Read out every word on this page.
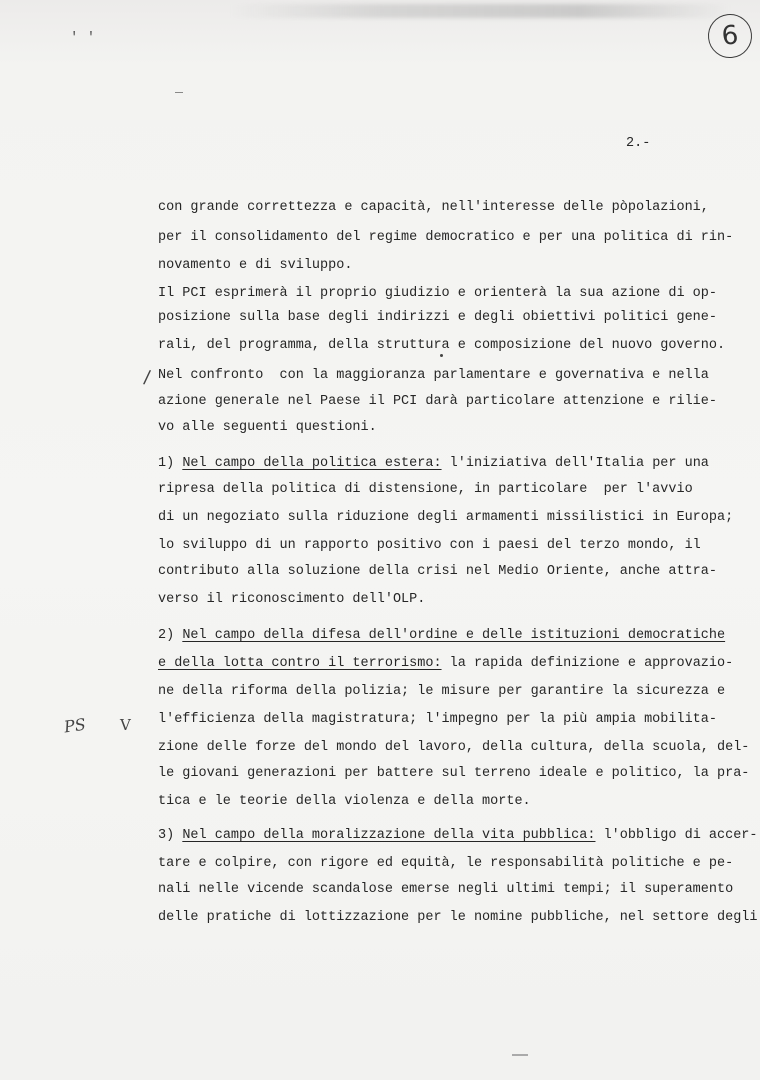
' '	6
2.-
/
PS V
con grande correttezza e capacità, nell'interesse delle pòpolazioni,
per il consolidamento del regime democratico e per una politica di rin-
novamento e di sviluppo.
Il PCI esprimerà il proprio giudizio e orienterà la sua azione di op-
posizione sulla base degli indirizzi e degli obiettivi politici gene-
rali, del programma, della struttura e composizione del nuovo governo.
Nel confronto  con la maggioranza parlamentare e governativa e nella
azione generale nel Paese il PCI darà particolare attenzione e rilie-
vo alle seguenti questioni.
1) Nel campo della politica estera: l'iniziativa dell'Italia per una
ripresa della politica di distensione, in particolare  per l'avvio
di un negoziato sulla riduzione degli armamenti missilistici in Europa;
lo sviluppo di un rapporto positivo con i paesi del terzo mondo, il
contributo alla soluzione della crisi nel Medio Oriente, anche attra-
verso il riconoscimento dell'OLP.
2) Nel campo della difesa dell'ordine e delle istituzioni democratiche
e della lotta contro il terrorismo: la rapida definizione e approvazio-
ne della riforma della polizia; le misure per garantire la sicurezza e
l'efficienza della magistratura; l'impegno per la più ampia mobilita-
zione delle forze del mondo del lavoro, della cultura, della scuola, del-
le giovani generazioni per battere sul terreno ideale e politico, la pra-
tica e le teorie della violenza e della morte.
3) Nel campo della moralizzazione della vita pubblica: l'obbligo di accer-
tare e colpire, con rigore ed equità, le responsabilità politiche e pe-
nali nelle vicende scandalose emerse negli ultimi tempi; il superamento
delle pratiche di lottizzazione per le nomine pubbliche, nel settore degli
